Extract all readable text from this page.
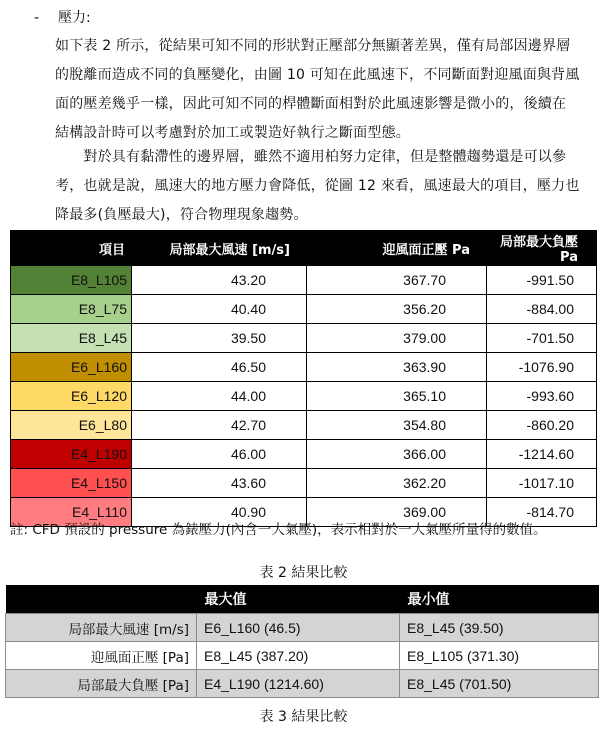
- 壓力:
如下表 2 所示，從結果可知不同的形狀對正壓部分無顯著差異，僅有局部因邊界層
的脫離而造成不同的負壓變化，由圖 10 可知在此風速下，不同斷面對迎風面與背風
面的壓差幾乎一樣，因此可知不同的桿體斷面相對於此風速影響是微小的，後續在
結構設計時可以考慮對於加工或製造好執行之斷面型態。
　　對於具有黏滯性的邊界層，雖然不適用柏努力定律，但是整體趨勢還是可以參
考，也就是說，風速大的地方壓力會降低，從圖 12 來看，風速最大的項目，壓力也
降最多(負壓最大)，符合物理現象趨勢。
項目	局部最大風速 [m/s]	迎風面正壓 Pa	局部最大負壓 Pa
E8_L105	43.20	367.70	-991.50
E8_L75	40.40	356.20	-884.00
E8_L45	39.50	379.00	-701.50
E6_L160	46.50	363.90	-1076.90
E6_L120	44.00	365.10	-993.60
E6_L80	42.70	354.80	-860.20
E4_L190	46.00	366.00	-1214.60
E4_L150	43.60	362.20	-1017.10
E4_L110	40.90	369.00	-814.70
註: CFD 預設的 pressure 為錶壓力(內含一大氣壓)，表示相對於一大氣壓所量得的數值。
表 2 結果比較
	最大值	最小值
局部最大風速 [m/s]	E6_L160 (46.5)	E8_L45 (39.50)
迎風面正壓 [Pa]	E8_L45 (387.20)	E8_L105 (371.30)
局部最大負壓 [Pa]	E4_L190 (1214.60)	E8_L45 (701.50)
表 3 結果比較
